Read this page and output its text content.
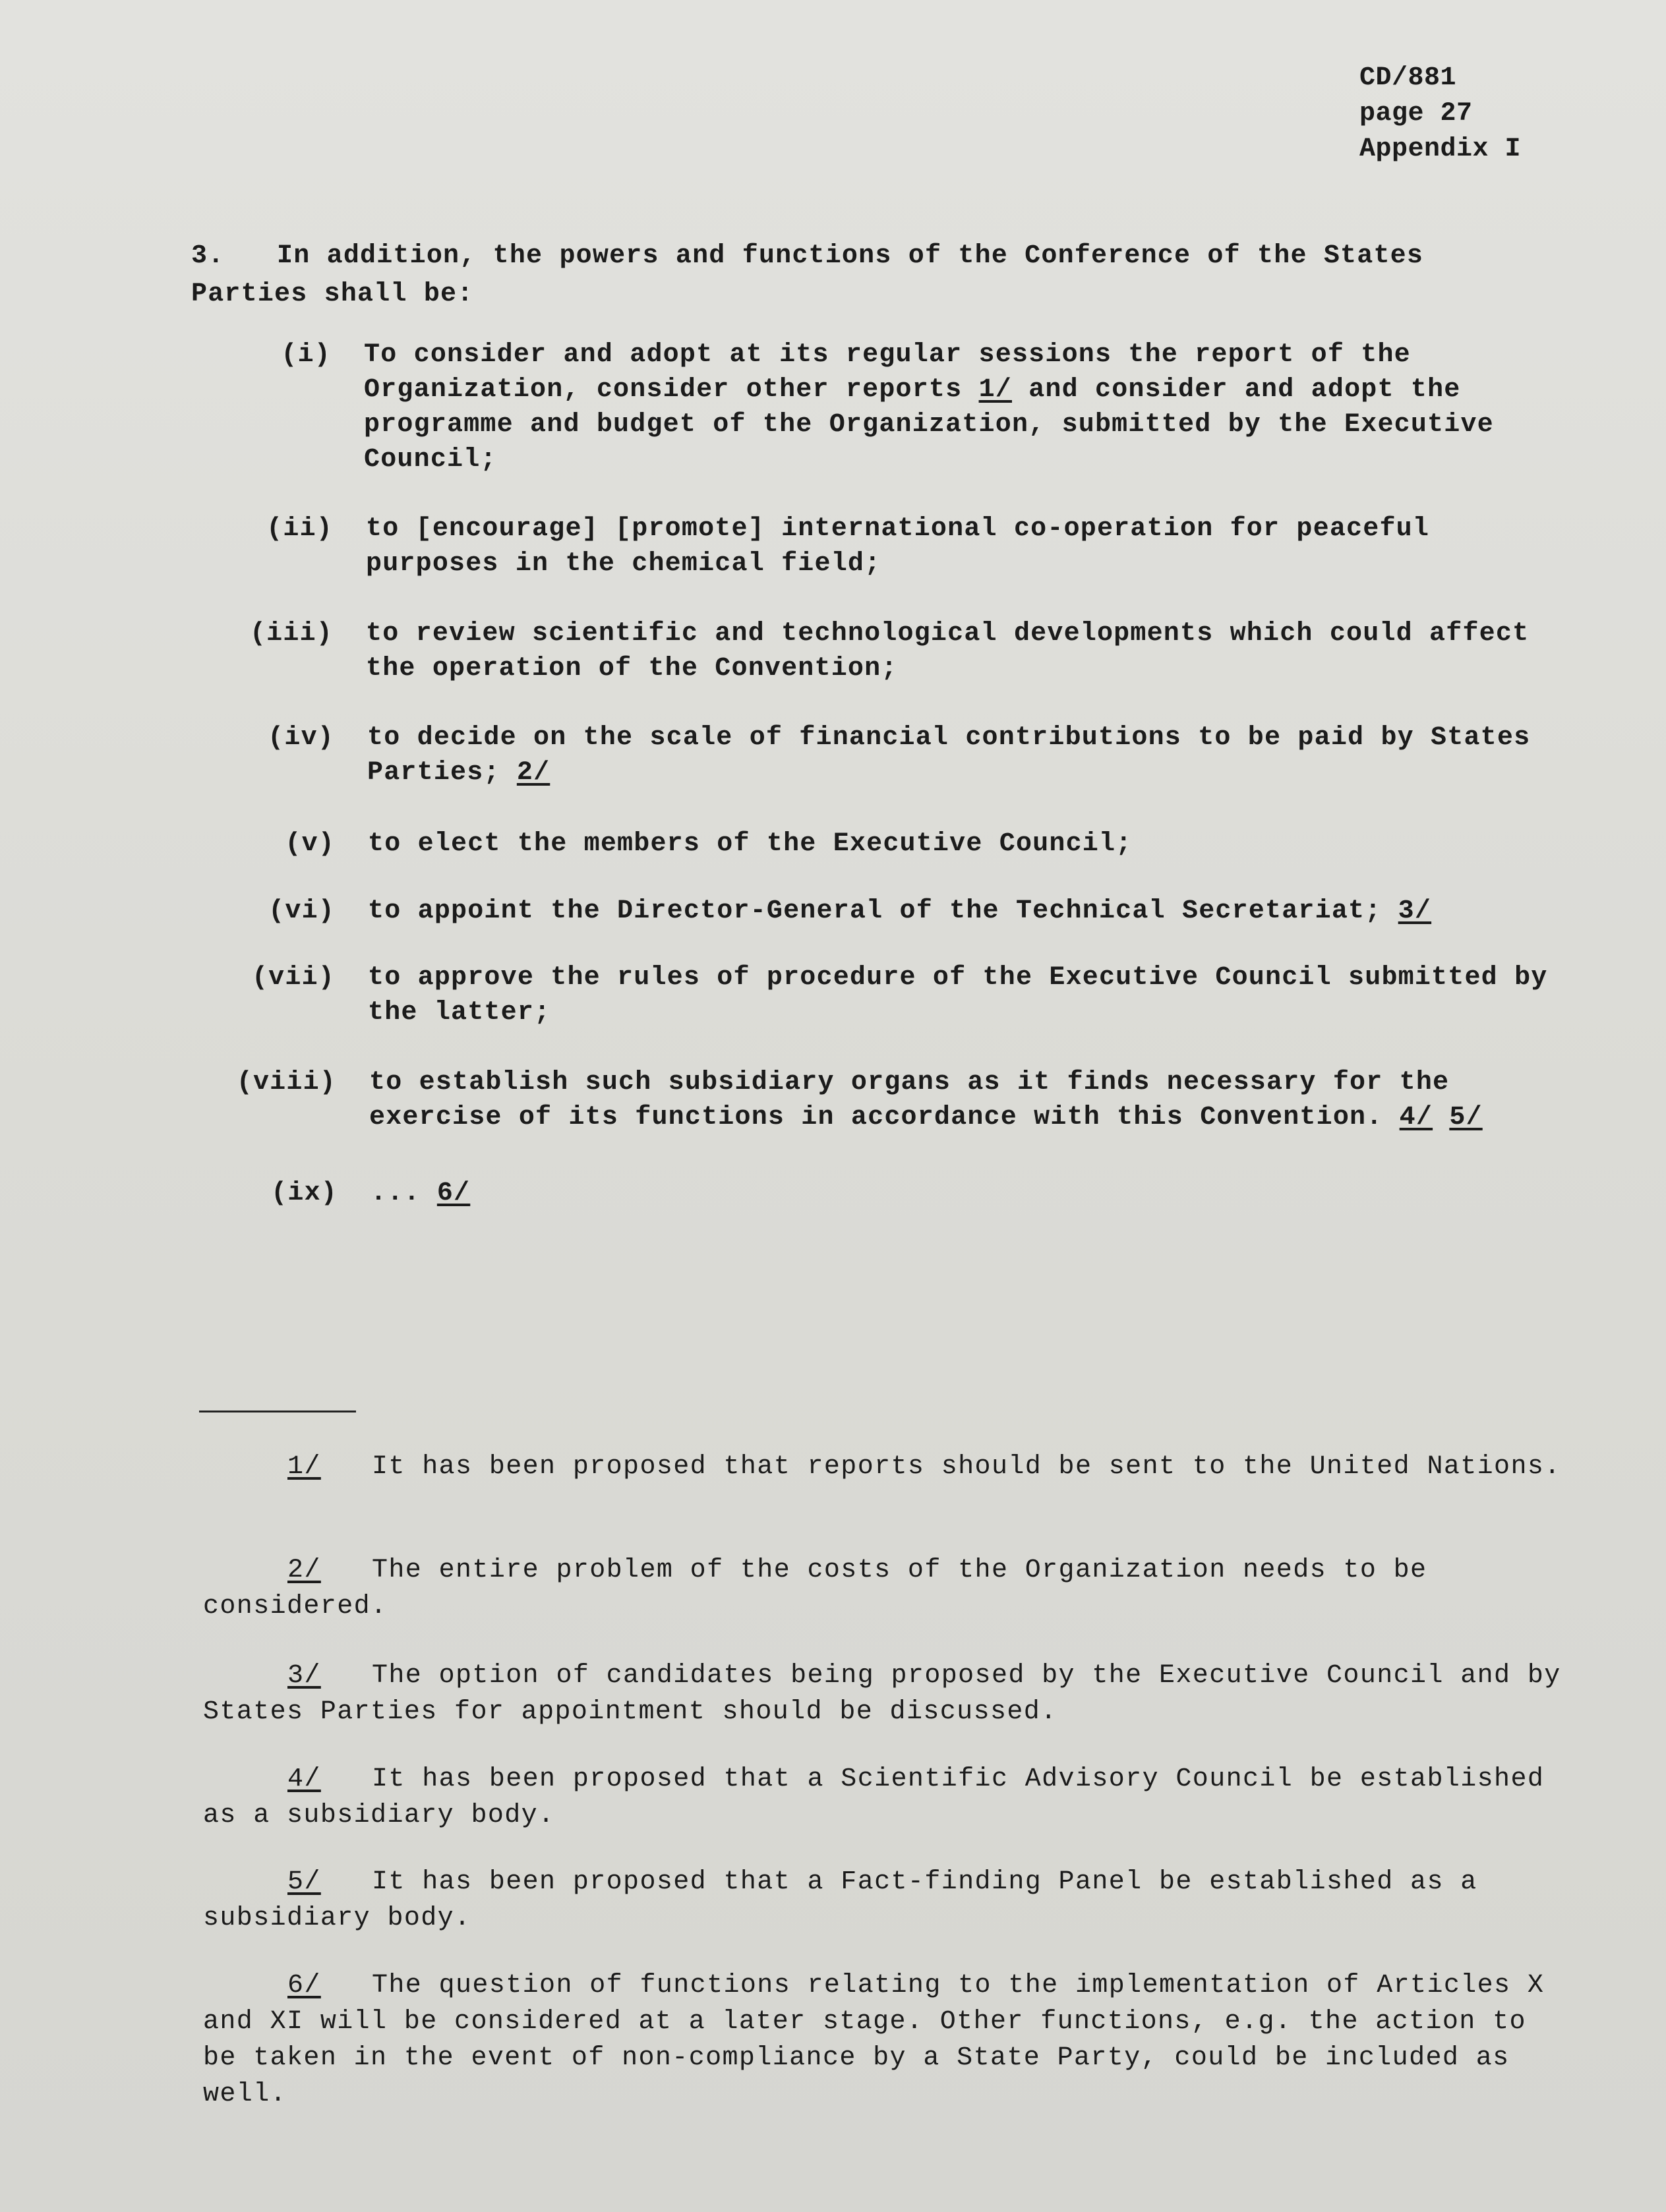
CD/881
page 27
Appendix I
3. In addition, the powers and functions of the Conference of the States Parties shall be:
(i) To consider and adopt at its regular sessions the report of the Organization, consider other reports 1/ and consider and adopt the programme and budget of the Organization, submitted by the Executive Council;
(ii) to [encourage] [promote] international co-operation for peaceful purposes in the chemical field;
(iii) to review scientific and technological developments which could affect the operation of the Convention;
(iv) to decide on the scale of financial contributions to be paid by States Parties; 2/
(v) to elect the members of the Executive Council;
(vi) to appoint the Director-General of the Technical Secretariat; 3/
(vii) to approve the rules of procedure of the Executive Council submitted by the latter;
(viii) to establish such subsidiary organs as it finds necessary for the exercise of its functions in accordance with this Convention. 4/ 5/
(ix) ... 6/
1/ It has been proposed that reports should be sent to the United Nations.
2/ The entire problem of the costs of the Organization needs to be considered.
3/ The option of candidates being proposed by the Executive Council and by States Parties for appointment should be discussed.
4/ It has been proposed that a Scientific Advisory Council be established as a subsidiary body.
5/ It has been proposed that a Fact-finding Panel be established as a subsidiary body.
6/ The question of functions relating to the implementation of Articles X and XI will be considered at a later stage. Other functions, e.g. the action to be taken in the event of non-compliance by a State Party, could be included as well.
